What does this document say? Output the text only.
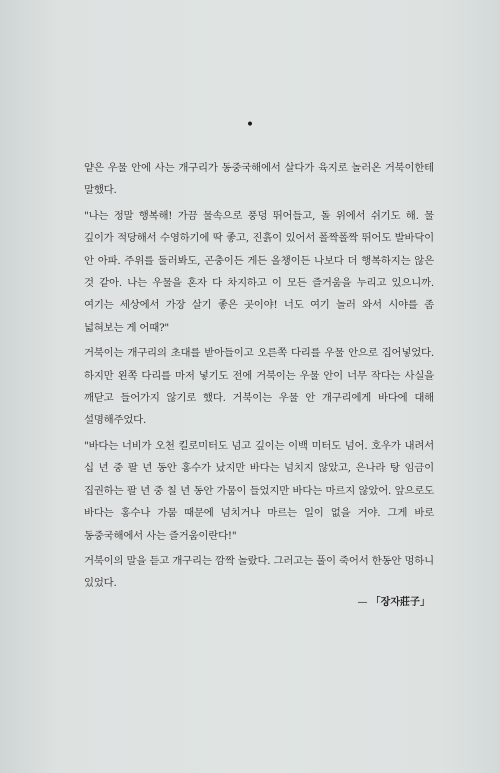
•

얕은 우물 안에 사는 개구리가 동중국해에서 살다가 육지로 놀러온 거북이한테 말했다.

"나는 정말 행복해! 가끔 물속으로 풍덩 뛰어들고, 돌 위에서 쉬기도 해. 물 깊이가 적당해서 수영하기에 딱 좋고, 진흙이 있어서 폴짝폴짝 뛰어도 발바닥이 안 아파. 주위를 둘러봐도, 곤충이든 게든 올챙이든 나보다 더 행복하지는 않은 것 같아. 나는 우물을 혼자 다 차지하고 이 모든 즐거움을 누리고 있으니까. 여기는 세상에서 가장 살기 좋은 곳이야! 너도 여기 놀러 와서 시야를 좀 넓혀보는 게 어때?"

거북이는 개구리의 초대를 받아들이고 오른쪽 다리를 우물 안으로 집어넣었다. 하지만 왼쪽 다리를 마저 넣기도 전에 거북이는 우물 안이 너무 작다는 사실을 깨닫고 들어가지 않기로 했다. 거북이는 우물 안 개구리에게 바다에 대해 설명해주었다.

"바다는 너비가 오천 킬로미터도 넘고 깊이는 이백 미터도 넘어. 호우가 내려서 십 년 중 팔 년 동안 홍수가 났지만 바다는 넘치지 않았고, 은나라 탕 임금이 집권하는 팔 년 중 칠 년 동안 가뭄이 들었지만 바다는 마르지 않았어. 앞으로도 바다는 홍수나 가뭄 때문에 넘치거나 마르는 일이 없을 거야. 그게 바로 동중국해에서 사는 즐거움이란다!"

거북이의 말을 듣고 개구리는 깜짝 놀랐다. 그러고는 풀이 죽어서 한동안 멍하니 있었다.

— 「장자莊子」
